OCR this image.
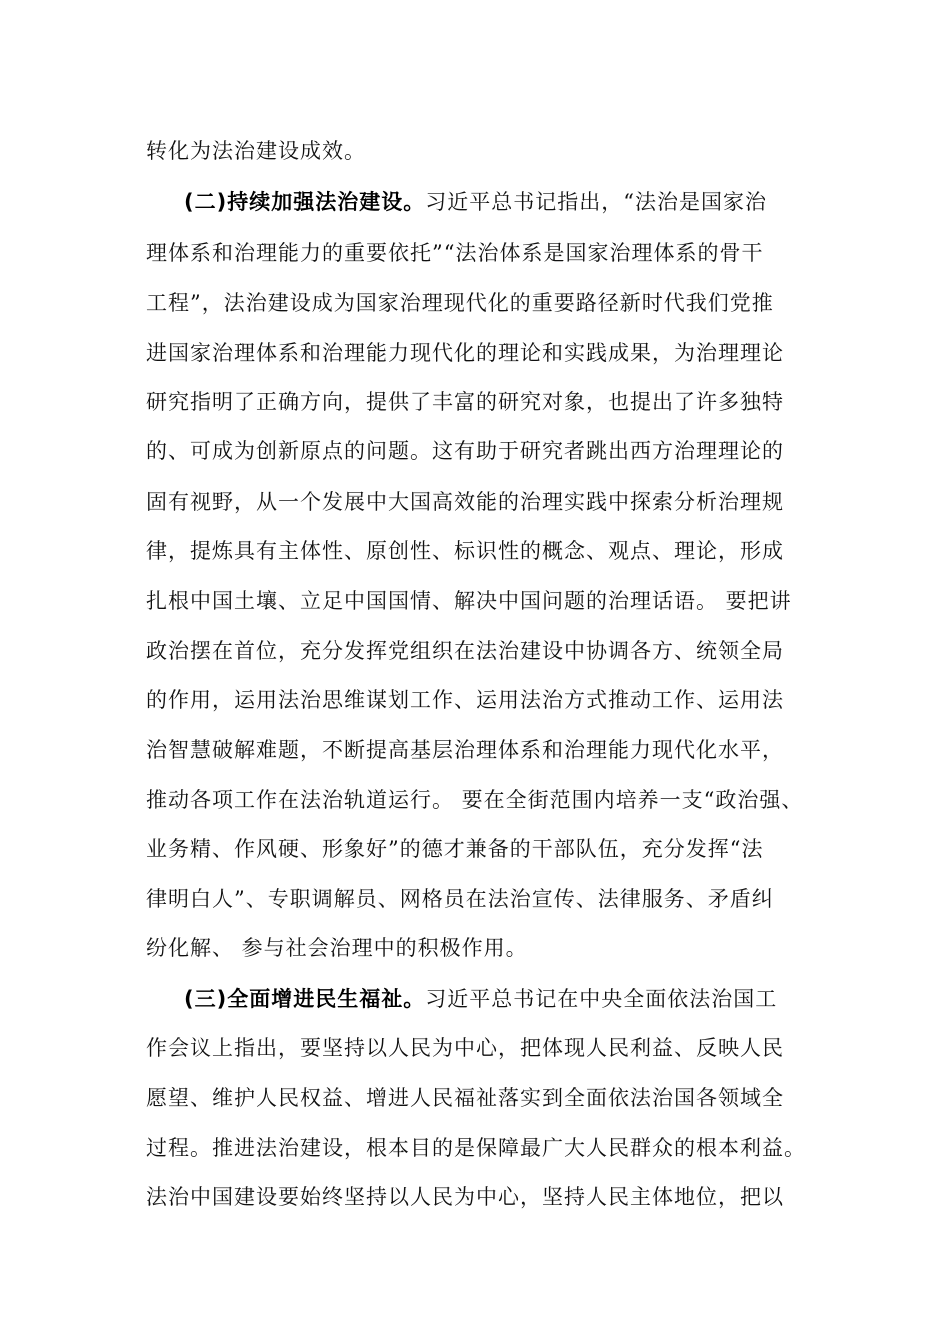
转化为法治建设成效。
(二)持续加强法治建设。习近平总书记指出，“法治是国家治
理体系和治理能力的重要依托”“法治体系是国家治理体系的骨干
工程”，法治建设成为国家治理现代化的重要路径新时代我们党推
进国家治理体系和治理能力现代化的理论和实践成果，为治理理论
研究指明了正确方向，提供了丰富的研究对象，也提出了许多独特
的、可成为创新原点的问题。这有助于研究者跳出西方治理理论的
固有视野，从一个发展中大国高效能的治理实践中探索分析治理规
律，提炼具有主体性、原创性、标识性的概念、观点、理论，形成
扎根中国土壤、立足中国国情、解决中国问题的治理话语。 要把讲
政治摆在首位，充分发挥党组织在法治建设中协调各方、统领全局
的作用，运用法治思维谋划工作、运用法治方式推动工作、运用法
治智慧破解难题，不断提高基层治理体系和治理能力现代化水平，
推动各项工作在法治轨道运行。 要在全街范围内培养一支“政治强、
业务精、作风硬、形象好”的德才兼备的干部队伍，充分发挥“法
律明白人”、专职调解员、网格员在法治宣传、法律服务、矛盾纠
纷化解、 参与社会治理中的积极作用。
(三)全面增进民生福祉。习近平总书记在中央全面依法治国工
作会议上指出，要坚持以人民为中心，把体现人民利益、反映人民
愿望、维护人民权益、增进人民福祉落实到全面依法治国各领域全
过程。推进法治建设，根本目的是保障最广大人民群众的根本利益。
法治中国建设要始终坚持以人民为中心，坚持人民主体地位，把以
